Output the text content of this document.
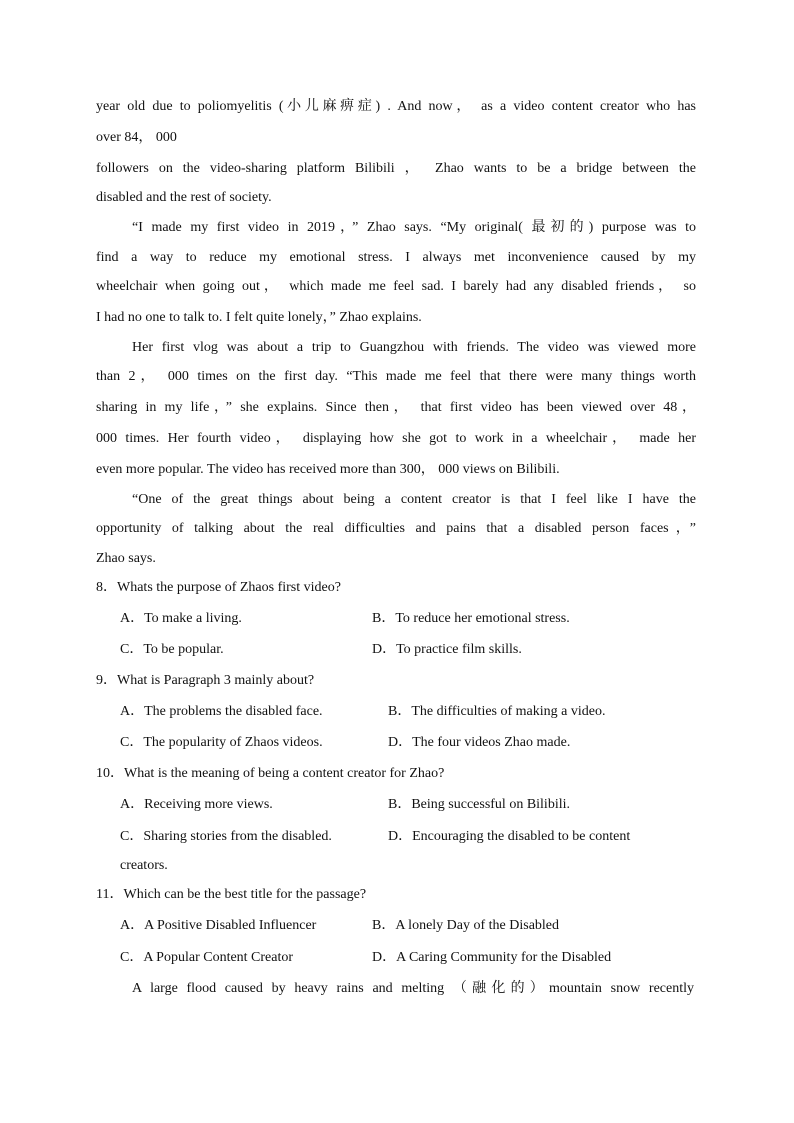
year old due to poliomyelitis (小儿麻痹症) . And now， as a video content creator who has
over 84， 000
followers on the video-sharing platform Bilibili ， Zhao wants to be a bridge between the
disabled and the rest of society.
“I made my first video in 2019，” Zhao says. “My original( 最初的) purpose was to
find a way to reduce my emotional stress. I always met inconvenience caused by my
wheelchair when going out， which made me feel sad. I barely had any disabled friends， so
I had no one to talk to. I felt quite lonely，” Zhao explains.
Her first vlog was about a trip to Guangzhou with friends. The video was viewed more
than 2， 000 times on the first day. “This made me feel that there were many things worth
sharing in my life，” she explains. Since then， that first video has been viewed over 48，
000 times. Her fourth video， displaying how she got to work in a wheelchair， made her
even more popular. The video has received more than 300， 000 views on Bilibili.
“One of the great things about being a content creator is that I feel like I have the
opportunity of talking about the real difficulties and pains that a disabled person faces，”
Zhao says.
8．Whats the purpose of Zhaos first video?
A．To make a living.	B．To reduce her emotional stress.
C．To be popular.	D．To practice film skills.
9．What is Paragraph 3 mainly about?
A．The problems the disabled face.	B．The difficulties of making a video.
C．The popularity of Zhaos videos.	D．The four videos Zhao made.
10．What is the meaning of being a content creator for Zhao?
A．Receiving more views.	B．Being successful on Bilibili.
C．Sharing stories from the disabled.	D．Encouraging the disabled to be content
creators.
11．Which can be the best title for the passage?
A．A Positive Disabled Influencer	B．A lonely Day of the Disabled
C．A Popular Content Creator	D．A Caring Community for the Disabled
A large flood caused by heavy rains and melting （融化的）mountain snow recently
